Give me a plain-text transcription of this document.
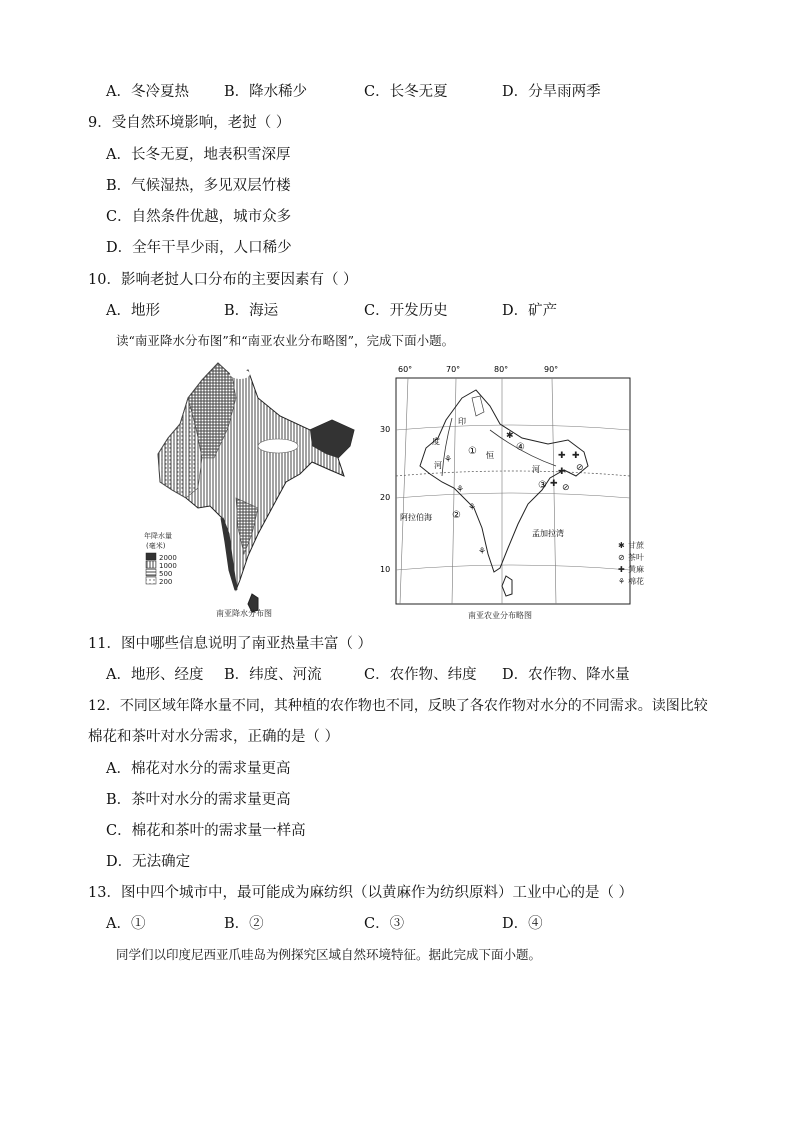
A．冬冷夏热 B．降水稀少	C．长冬无夏	D．分旱雨两季
9．受自然环境影响，老挝（ ）
A．长冬无夏，地表积雪深厚
B．气候湿热，多见双层竹楼
C．自然条件优越，城市众多
D．全年干旱少雨，人口稀少
10．影响老挝人口分布的主要因素有（ ）
A．地形	B．海运	C．开发历史	D．矿产
读“南亚降水分布图”和“南亚农业分布略图”，完成下面小题。
年降水量
(毫米)
2000
1000
500
200
南亚降水分布图
60°	70°	80°	90°
30
20
10
印
度
河
恒
河
阿拉伯海
孟加拉湾
①
②
③
④
✚ ✚
✚
✚
⚘
⚘
⚘
⚘
⊘
⊘
✱
✱ 甘蔗
⊘ 茶叶
✚ 黄麻
⚘ 棉花
南亚农业分布略图
11．图中哪些信息说明了南亚热量丰富（ ）
A．地形、经度 B．纬度、河流	C．农作物、纬度 D．农作物、降水量
12．不同区域年降水量不同，其种植的农作物也不同，反映了各农作物对水分的不同需求。读图比较
棉花和茶叶对水分需求，正确的是（ ）
A．棉花对水分的需求量更高
B．茶叶对水分的需求量更高
C．棉花和茶叶的需求量一样高
D．无法确定
13．图中四个城市中，最可能成为麻纺织（以黄麻作为纺织原料）工业中心的是（ ）
A．①	B．②	C．③	D．④
同学们以印度尼西亚爪哇岛为例探究区域自然环境特征。据此完成下面小题。
